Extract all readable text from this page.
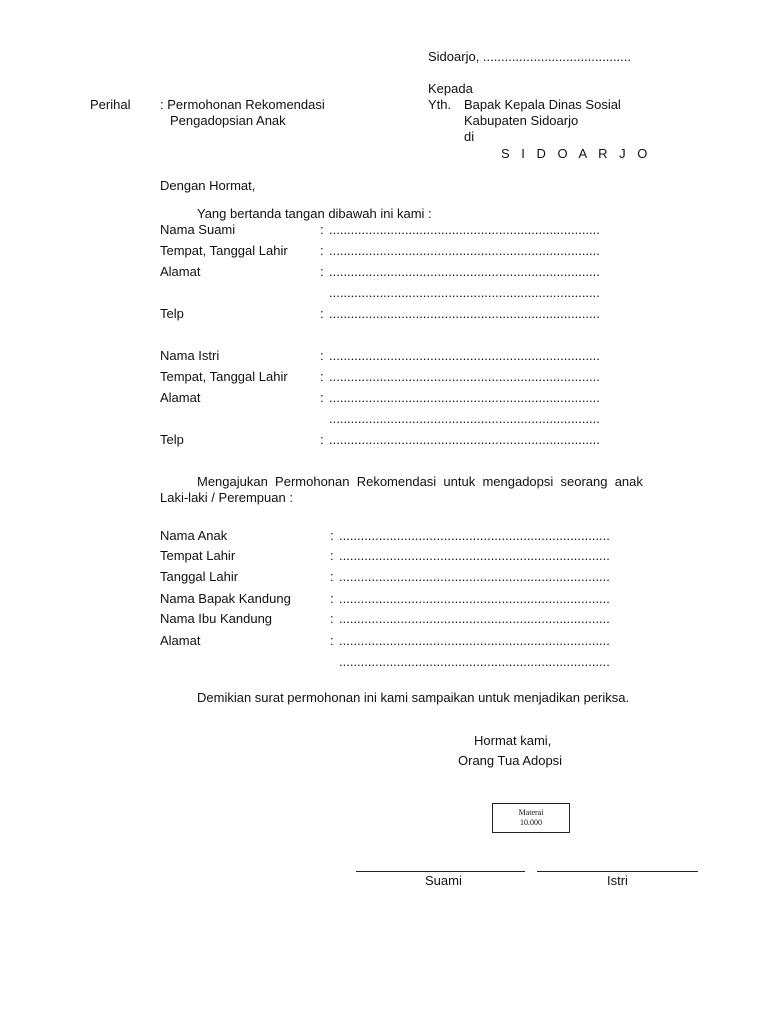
Sidoarjo, .........................................
Kepada
Yth. Bapak Kepala Dinas Sosial
Kabupaten Sidoarjo
di
S I D O A R J O
Perihal : Permohonan Rekomendasi
Pengadopsian Anak
Dengan Hormat,
Yang bertanda tangan dibawah ini kami :
Nama Suami	: ...........................................................................
Tempat, Tanggal Lahir : ...........................................................................
Alamat	: ...........................................................................
...........................................................................
Telp	: ...........................................................................
Nama Istri	: ...........................................................................
Tempat, Tanggal Lahir : ...........................................................................
Alamat	: ...........................................................................
...........................................................................
Telp	: ...........................................................................
Mengajukan  Permohonan  Rekomendasi  untuk  mengadopsi  seorang  anak
Laki-laki / Perempuan :
Nama Anak	: ...........................................................................
Tempat Lahir	: ...........................................................................
Tanggal Lahir	: ...........................................................................
Nama Bapak Kandung	: ...........................................................................
Nama Ibu Kandung	: ...........................................................................
Alamat	: ...........................................................................
...........................................................................
Demikian surat permohonan ini kami sampaikan untuk menjadikan periksa.
Hormat kami,
Orang Tua Adopsi
Materai
10.000
Suami	Istri
